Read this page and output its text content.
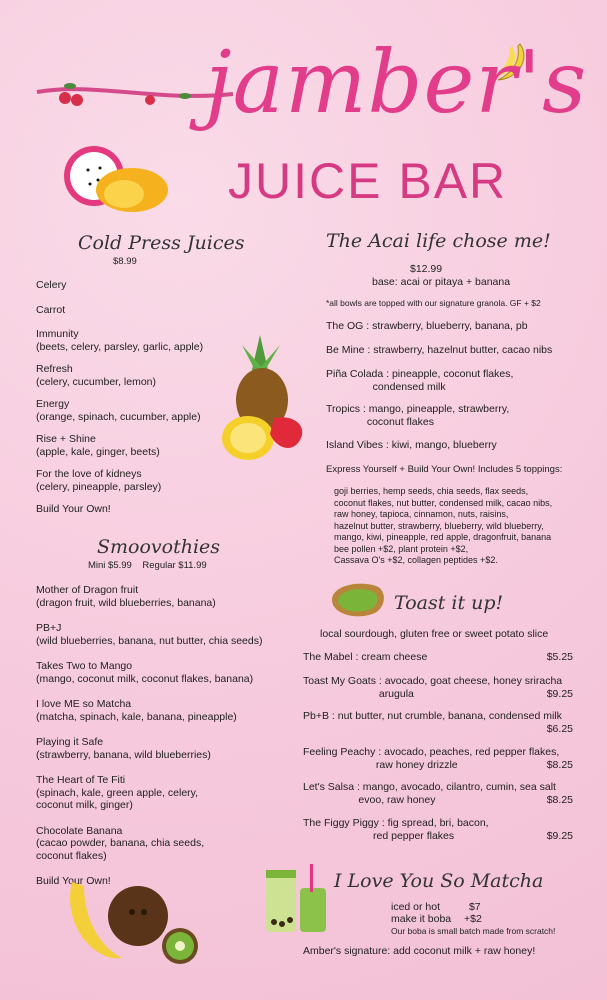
jamber's
JUICE BAR
Cold Press Juices
$8.99
Celery
Carrot
Immunity
(beets, celery, parsley, garlic, apple)
Refresh
(celery, cucumber, lemon)
Energy
(orange, spinach, cucumber, apple)
Rise + Shine
(apple, kale, ginger, beets)
For the love of kidneys
(celery, pineapple, parsley)
Build Your Own!
Smoovothies
Mini $5.99    Regular $11.99
Mother of Dragon fruit
(dragon fruit, wild blueberries, banana)
PB+J
(wild blueberries, banana, nut butter, chia seeds)
Takes Two to Mango
(mango, coconut milk, coconut flakes, banana)
I love ME so Matcha
(matcha, spinach, kale, banana, pineapple)
Playing it Safe
(strawberry, banana, wild blueberries)
The Heart of Te Fiti
(spinach, kale, green apple, celery,
coconut milk, ginger)
Chocolate Banana
(cacao powder, banana, chia seeds,
coconut flakes)
Build Your Own!
The Acai life chose me!
$12.99
base: acai or pitaya + banana
*all bowls are topped with our signature granola. GF + $2
The OG : strawberry, blueberry, banana, pb
Be Mine : strawberry, hazelnut butter, cacao nibs
Piña Colada : pineapple, coconut flakes,
condensed milk
Tropics : mango, pineapple, strawberry,
coconut flakes
Island Vibes : kiwi, mango, blueberry
Express Yourself + Build Your Own! Includes 5 toppings:
goji berries, hemp seeds, chia seeds, flax seeds,
coconut flakes, nut butter, condensed milk, cacao nibs,
raw honey, tapioca, cinnamon, nuts, raisins,
hazelnut butter, strawberry, blueberry, wild blueberry,
mango, kiwi, pineapple, red apple, dragonfruit, banana
bee pollen +$2, plant protein +$2,
Cassava O's +$2, collagen peptides +$2.
Toast it up!
local sourdough, gluten free or sweet potato slice
The Mabel : cream cheese	$5.25
Toast My Goats : avocado, goat cheese, honey sriracha
arugula	$9.25
Pb+B : nut butter, nut crumble, banana, condensed milk
$6.25
Feeling Peachy : avocado, peaches, red pepper flakes,
raw honey drizzle	$8.25
Let's Salsa : mango, avocado, cilantro, cumin, sea salt
evoo, raw honey	$8.25
The Figgy Piggy : fig spread, bri, bacon,
red pepper flakes	$9.25
I Love You So Matcha
iced or hot	$7
make it boba +$2
Our boba is small batch made from scratch!
Amber's signature: add coconut milk + raw honey!
